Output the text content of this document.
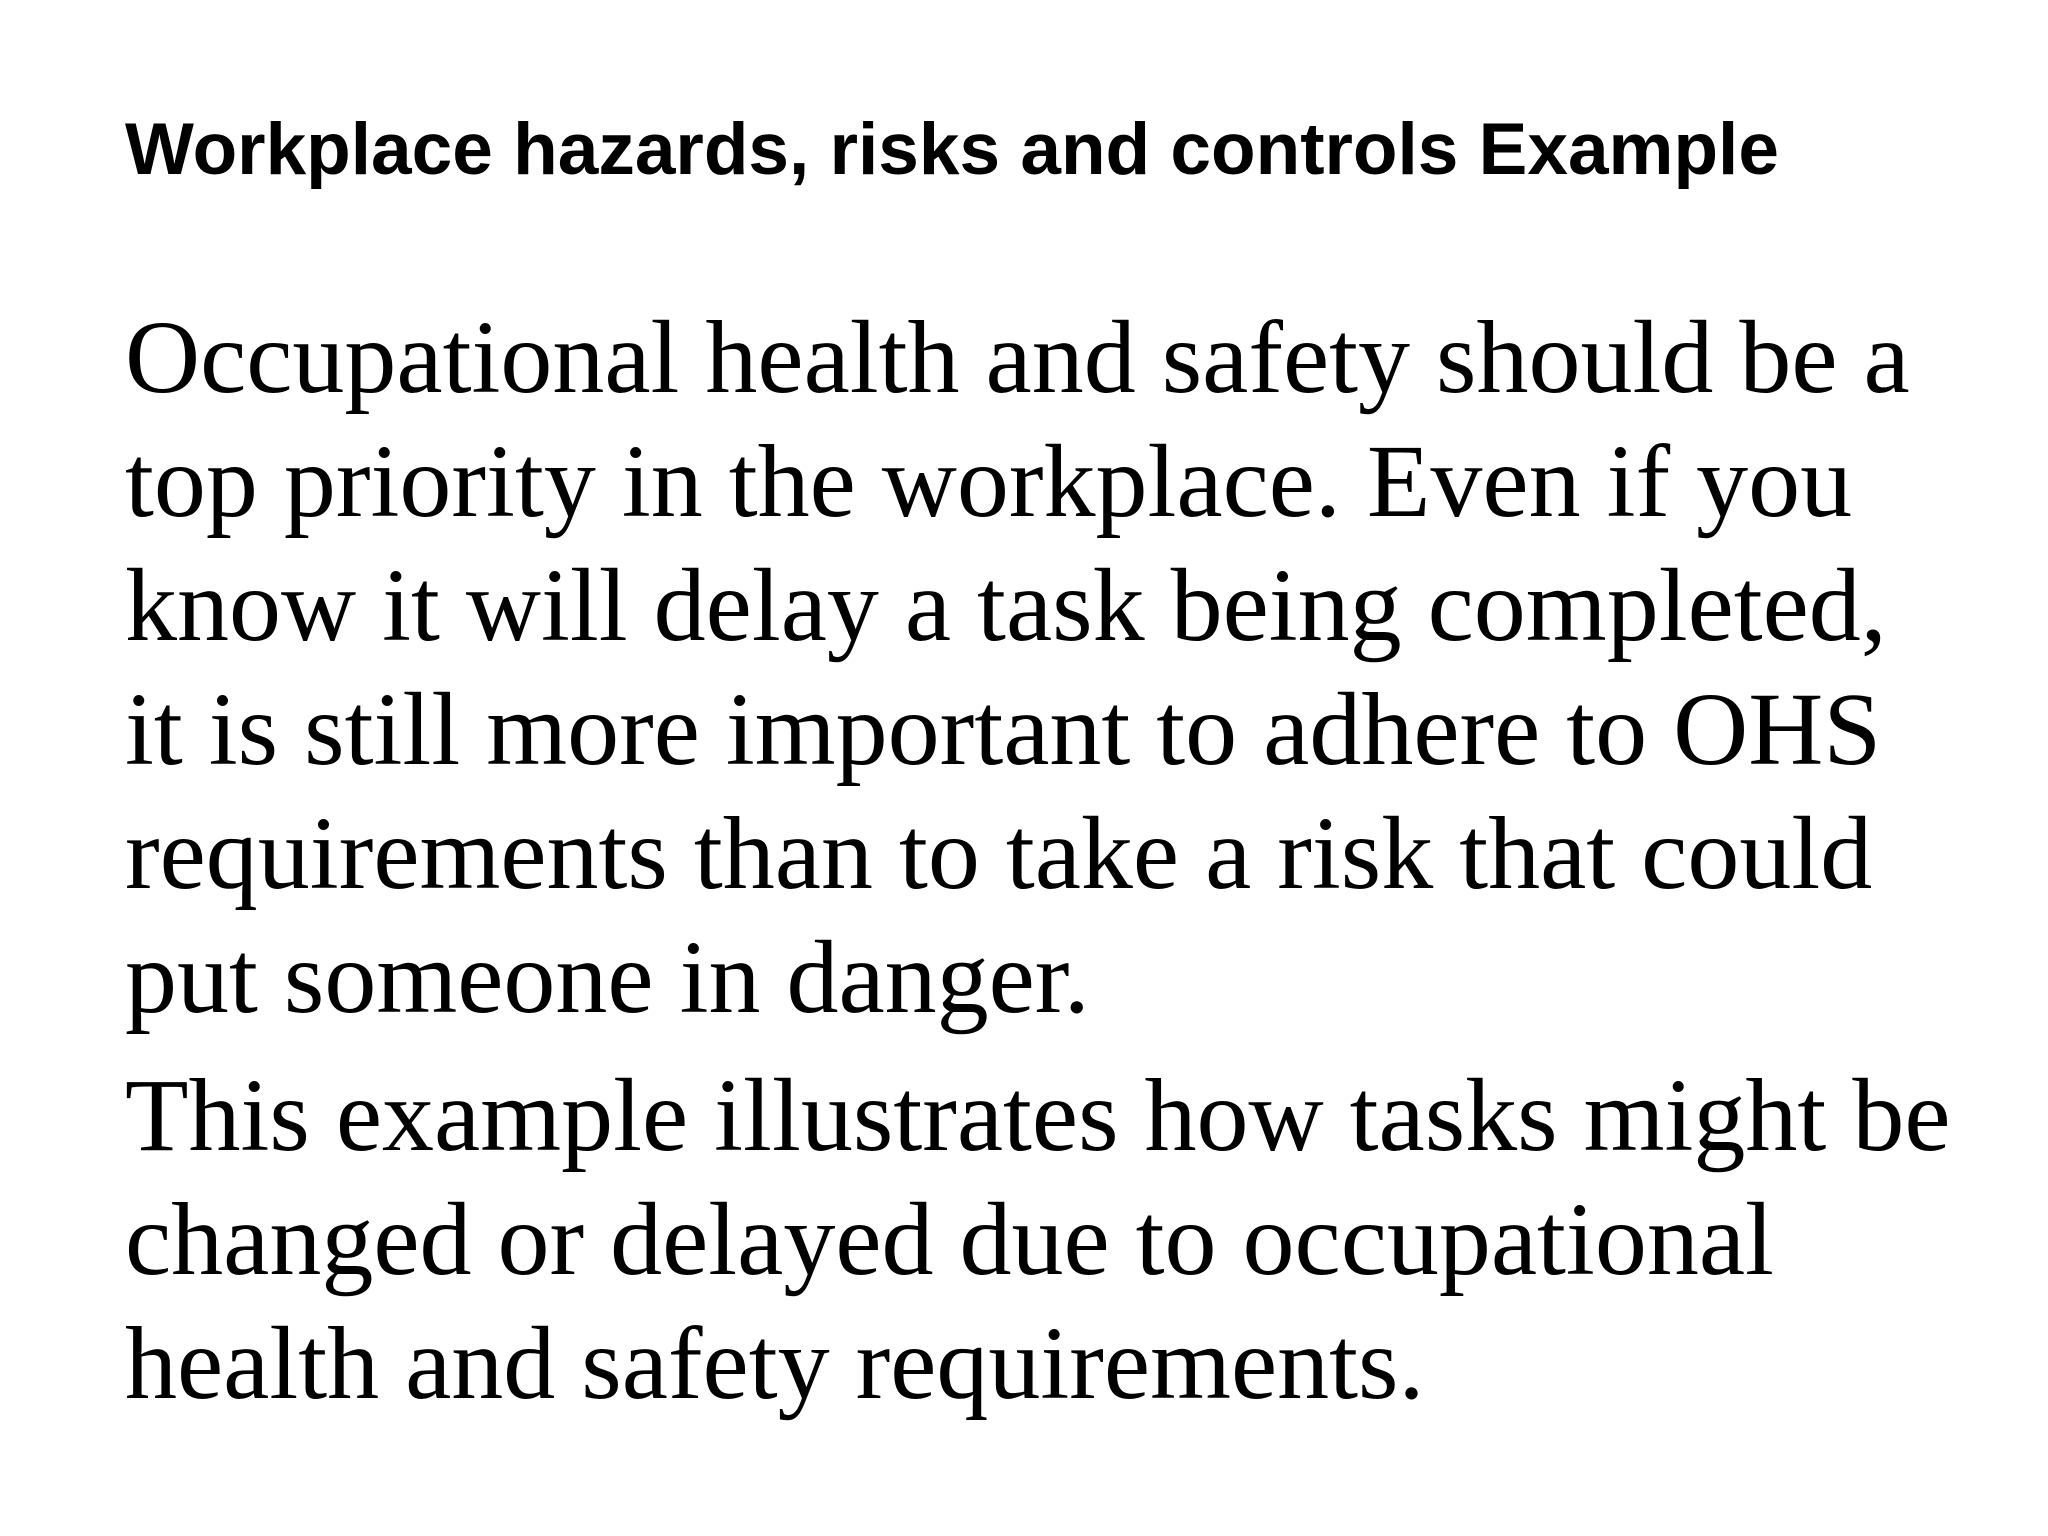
Workplace hazards, risks and controls Example

Occupational health and safety should be a
top priority in the workplace. Even if you
know it will delay a task being completed,
it is still more important to adhere to OHS
requirements than to take a risk that could
put someone in danger.

This example illustrates how tasks might be
changed or delayed due to occupational
health and safety requirements.
